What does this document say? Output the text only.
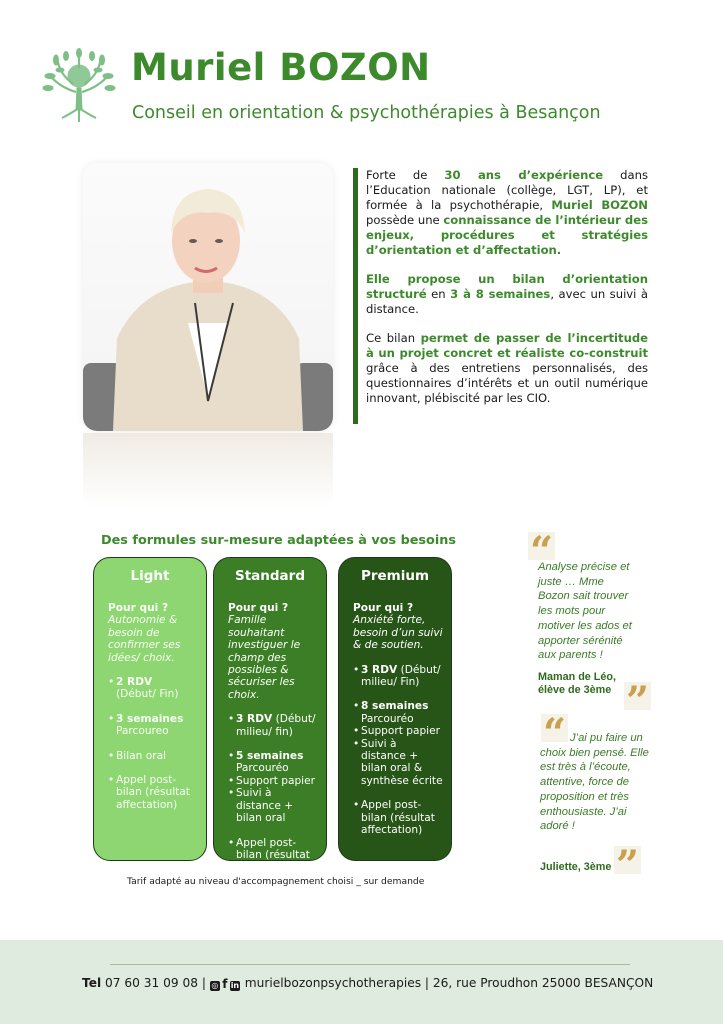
Muriel BOZON
Conseil en orientation & psychothérapies à Besançon

Forte de 30 ans d’expérience dans l’Education nationale (collège, LGT, LP), et formée à la psychothérapie, Muriel BOZON possède une connaissance de l’intérieur des enjeux, procédures et stratégies d’orientation et d’affectation.

Elle propose un bilan d’orientation structuré en 3 à 8 semaines, avec un suivi à distance.

Ce bilan permet de passer de l’incertitude à un projet concret et réaliste co-construit grâce à des entretiens personnalisés, des questionnaires d’intérêts et un outil numérique innovant, plébiscité par les CIO.

Des formules sur-mesure adaptées à vos besoins
Light
Pour qui ?
Autonomie & besoin de confirmer ses idées/ choix.
• 2 RDV
(Début/ Fin)
• 3 semaines
Parcoureo
• Bilan oral
• Appel post-bilan (résultat affectation)
Standard
Pour qui ?
Famille souhaitant investiguer le champ des possibles & sécuriser les choix.
• 3 RDV (Début/ milieu/ fin)
• 5 semaines
Parcouréo
• Support papier
• Suivi à distance + bilan oral
• Appel post-bilan (résultat affectation)
Premium
Pour qui ?
Anxiété forte, besoin d’un suivi & de soutien.
• 3 RDV (Début/ milieu/ Fin)
• 8 semaines
Parcouréo
• Support papier
• Suivi à distance + bilan oral & synthèse écrite
• Appel post-bilan (résultat affectation)
Tarif adapté au niveau d'accompagnement choisi _ sur demande
“
Analyse précise et juste … Mme Bozon sait trouver les mots pour motiver les ados et apporter sérénité aux parents !
Maman de Léo,
élève de 3ème ”
“ J’ai pu faire un choix bien pensé. Elle est très à l’écoute, attentive, force de proposition et très enthousiaste. J’ai adoré !
Juliette, 3ème ”
Tel 07 60 31 09 08 | ◎ f in murielbozonpsychotherapies | 26, rue Proudhon 25000 BESANÇON
